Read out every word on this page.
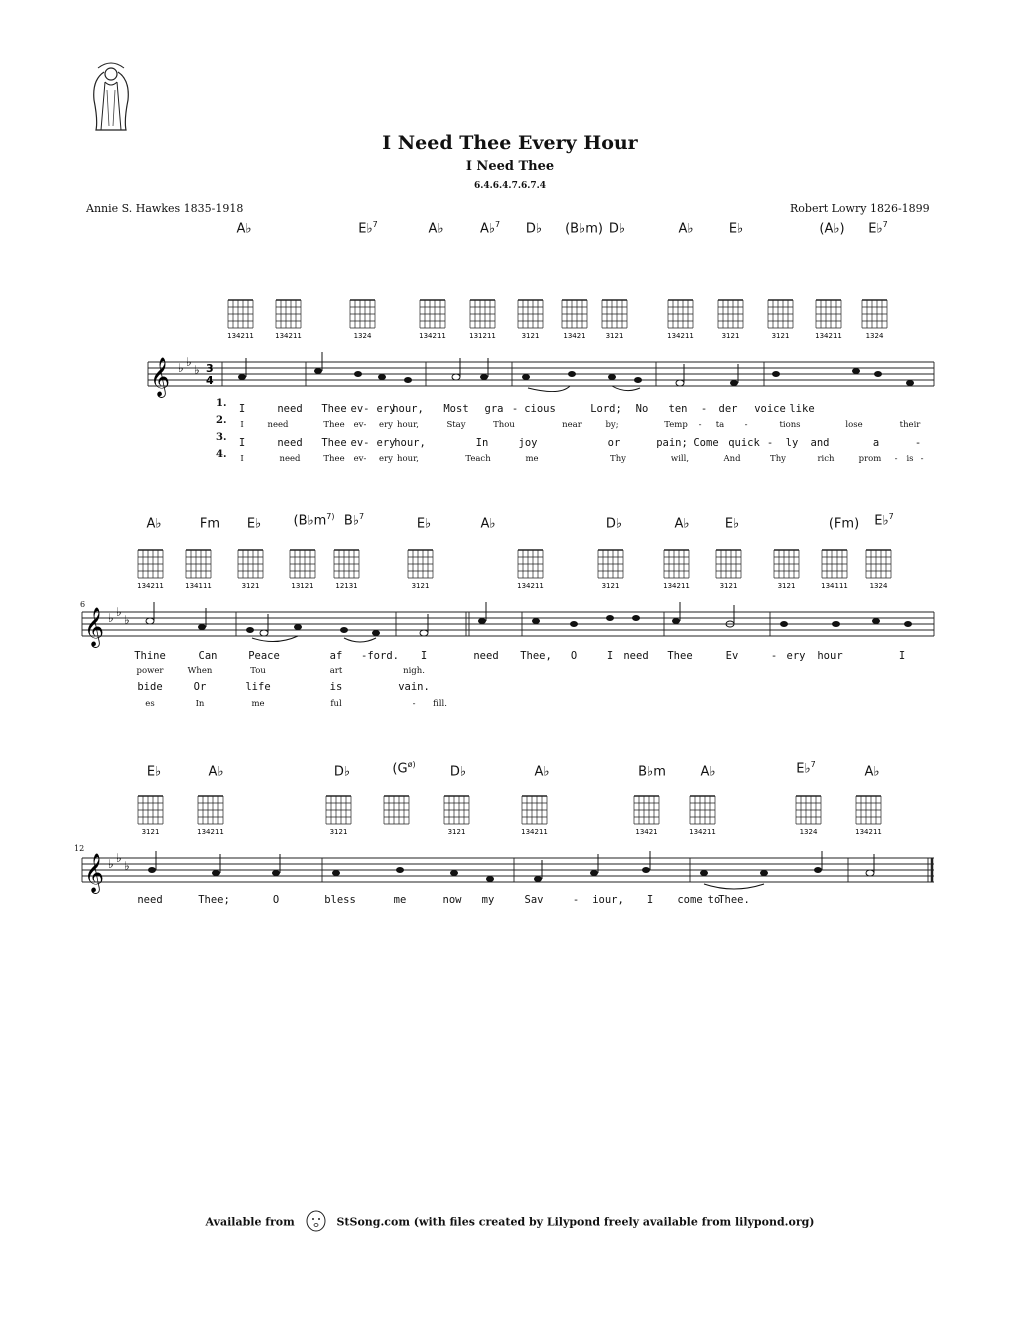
I Need Thee Every Hour
I Need Thee
6.4.6.4.7.6.7.4
Annie S. Hawkes 1835-1918	Robert Lowry 1826-1899
A♭	E♭$^7$	A♭	A♭$^7$ D♭ (B♭m) D♭	A♭	E♭	(A♭) E♭$^7$
134211	134211	1324	134211	131211	3121	13421	3121	134211	3121	3121	134211	1324
𝄞 ♭ ♭
♭ 3
4
1.
2.
3.
4.
A♭	Fm E♭ ($B♭m^{7)}$ B♭$^7$	E♭	A♭	D♭	A♭	E♭	(Fm) E♭$^7$
134211	134111	3121	13121	12131	3121	134211	3121	134211	3121	3121	134111	1324
6
𝄞 ♭ ♭
♭
E♭	A♭	D♭	($G^{ø)}$	D♭	A♭	B♭m	A♭	E♭$^7$	A♭
3121	134211	3121	3121	134211	13421	134211	1324	134211
12
𝄞 ♭ ♭
♭
Available from	StSong.com (with files created by Lilypond freely available from lilypond.org)
I	need Thee ev- ery
hour, Most gra - cious	Lord; No ten - der voice like
I	need	Thee ev- ery hour,	Stay	Thou	near	by;	Temp - ta -	tions	lose	their
I	need Thee ev- ery
hour,	In	joy	or	pain; Come quick - ly and	a	-
I	need	Thee ev- ery hour,	Teach	me	Thy	will,	And	Thy	rich	prom - is -
Thine	Can	Peace	af -ford. I	need Thee, O	I need Thee	Ev	- ery hour	I
power	When	Tou	art	nigh.
bide	Or	life	is	vain.
es	In	me	ful	- fill.
need	Thee;	O	bless	me	now my	Sav	- iour, I come to
Thee.
